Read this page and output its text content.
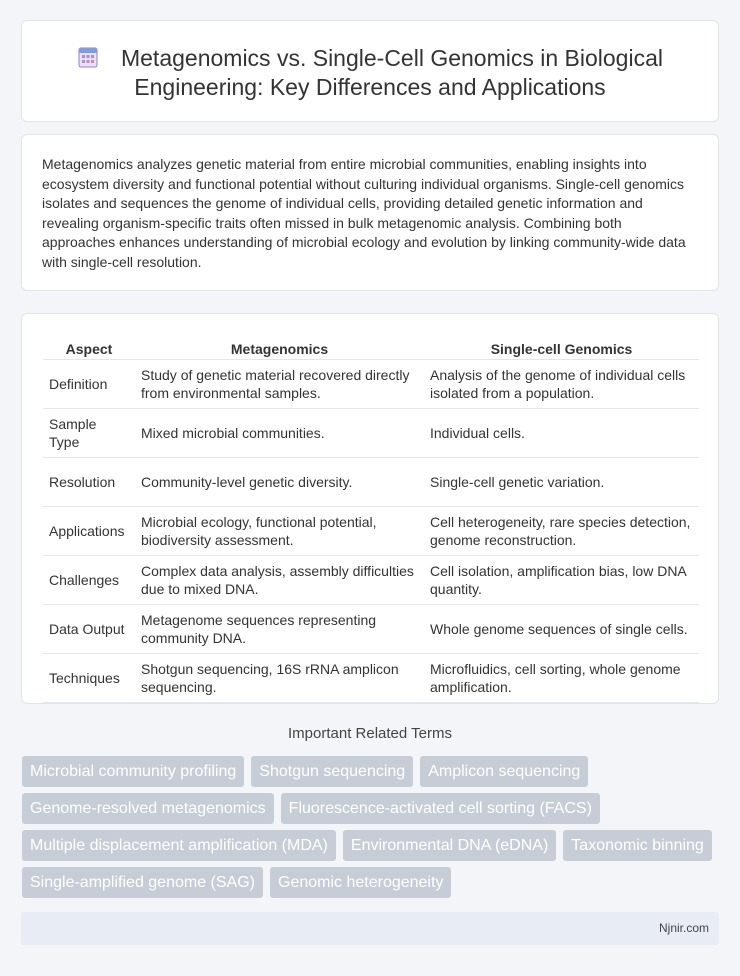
Metagenomics vs. Single-Cell Genomics in Biological Engineering: Key Differences and Applications

Metagenomics analyzes genetic material from entire microbial communities, enabling insights into ecosystem diversity and functional potential without culturing individual organisms. Single-cell genomics isolates and sequences the genome of individual cells, providing detailed genetic information and revealing organism-specific traits often missed in bulk metagenomic analysis. Combining both approaches enhances understanding of microbial ecology and evolution by linking community-wide data with single-cell resolution.

Aspect	Metagenomics	Single-cell Genomics
Definition	Study of genetic material recovered directly from environmental samples.	Analysis of the genome of individual cells isolated from a population.
Sample Type	Mixed microbial communities.	Individual cells.
Resolution	Community-level genetic diversity.	Single-cell genetic variation.
Applications	Microbial ecology, functional potential, biodiversity assessment.	Cell heterogeneity, rare species detection, genome reconstruction.
Challenges	Complex data analysis, assembly difficulties due to mixed DNA.	Cell isolation, amplification bias, low DNA quantity.
Data Output	Metagenome sequences representing community DNA.	Whole genome sequences of single cells.
Techniques	Shotgun sequencing, 16S rRNA amplicon sequencing.	Microfluidics, cell sorting, whole genome amplification.
Important Related Terms
Microbial community profiling	Shotgun sequencing	Amplicon sequencing
Genome-resolved metagenomics	Fluorescence-activated cell sorting (FACS)
Multiple displacement amplification (MDA)	Environmental DNA (eDNA)	Taxonomic binning
Single-amplified genome (SAG)	Genomic heterogeneity
Njnir.com
